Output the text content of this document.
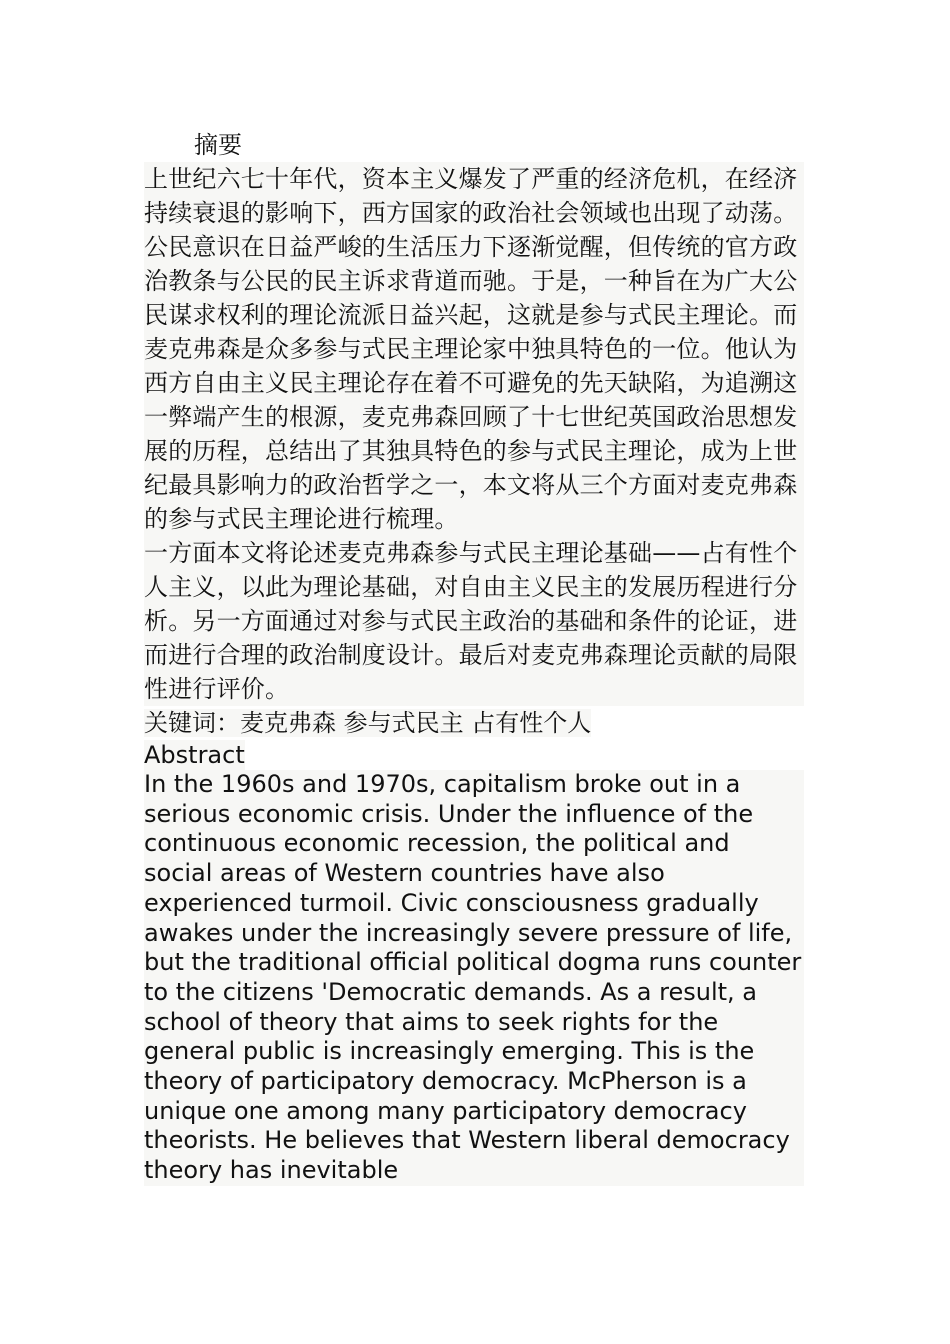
摘要

上世纪六七十年代，资本主义爆发了严重的经济危机，在经济持续衰退的影响下，西方国家的政治社会领域也出现了动荡。公民意识在日益严峻的生活压力下逐渐觉醒，但传统的官方政治教条与公民的民主诉求背道而驰。于是，一种旨在为广大公民谋求权利的理论流派日益兴起，这就是参与式民主理论。而麦克弗森是众多参与式民主理论家中独具特色的一位。他认为西方自由主义民主理论存在着不可避免的先天缺陷，为追溯这一弊端产生的根源，麦克弗森回顾了十七世纪英国政治思想发展的历程，总结出了其独具特色的参与式民主理论，成为上世纪最具影响力的政治哲学之一，本文将从三个方面对麦克弗森的参与式民主理论进行梳理。

一方面本文将论述麦克弗森参与式民主理论基础——占有性个人主义，以此为理论基础，对自由主义民主的发展历程进行分析。另一方面通过对参与式民主政治的基础和条件的论证，进而进行合理的政治制度设计。最后对麦克弗森理论贡献的局限性进行评价。

关键词：麦克弗森 参与式民主 占有性个人

Abstract

In the 1960s and 1970s, capitalism broke out in a serious economic crisis. Under the influence of the continuous economic recession, the political and social areas of Western countries have also experienced turmoil. Civic consciousness gradually awakes under the increasingly severe pressure of life, but the traditional official political dogma runs counter to the citizens 'Democratic demands. As a result, a school of theory that aims to seek rights for the general public is increasingly emerging. This is the theory of participatory democracy. McPherson is a unique one among many participatory democracy theorists. He believes that Western liberal democracy theory has inevitable
